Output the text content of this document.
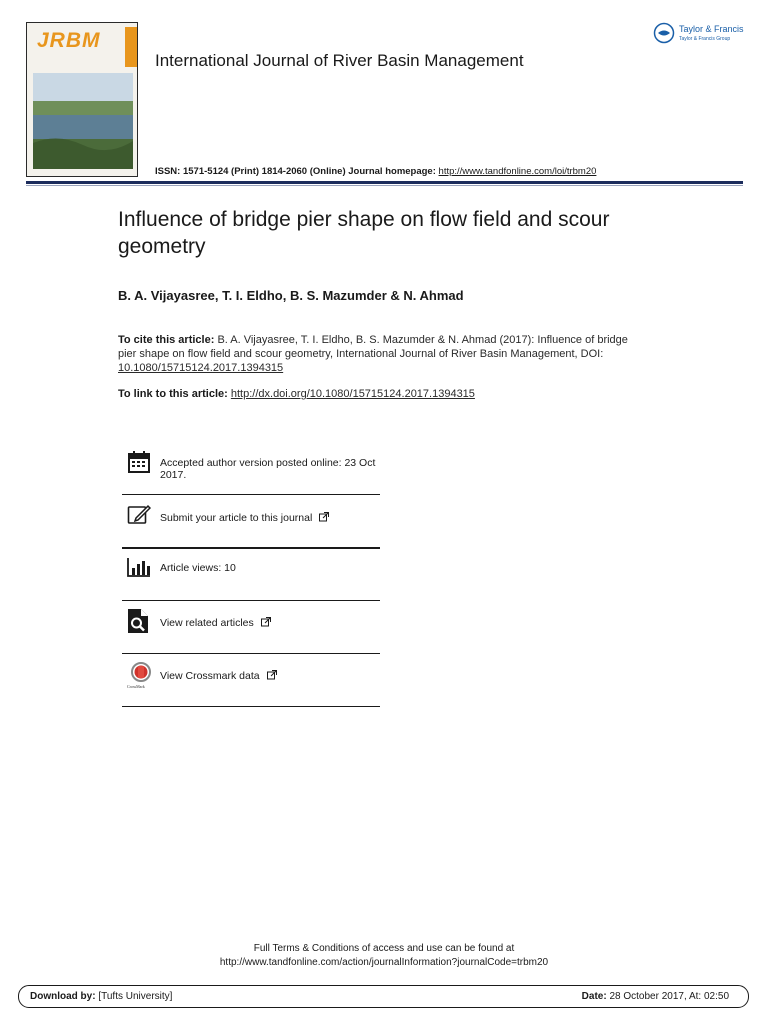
JRBM
International Journal of River Basin Management
Taylor & Francis
Taylor & Francis Group
ISSN: 1571-5124 (Print) 1814-2060 (Online) Journal homepage: http://www.tandfonline.com/loi/trbm20
Influence of bridge pier shape on flow field and scour geometry
B. A. Vijayasree, T. I. Eldho, B. S. Mazumder & N. Ahmad
To cite this article: B. A. Vijayasree, T. I. Eldho, B. S. Mazumder & N. Ahmad (2017): Influence of bridge pier shape on flow field and scour geometry, International Journal of River Basin Management, DOI: 10.1080/15715124.2017.1394315
To link to this article: http://dx.doi.org/10.1080/15715124.2017.1394315
Accepted author version posted online: 23 Oct 2017.
Submit your article to this journal
Article views: 10
View related articles
CrossMark
View Crossmark data
Full Terms & Conditions of access and use can be found at
http://www.tandfonline.com/action/journalInformation?journalCode=trbm20
Download by: [Tufts University]	Date: 28 October 2017, At: 02:50
